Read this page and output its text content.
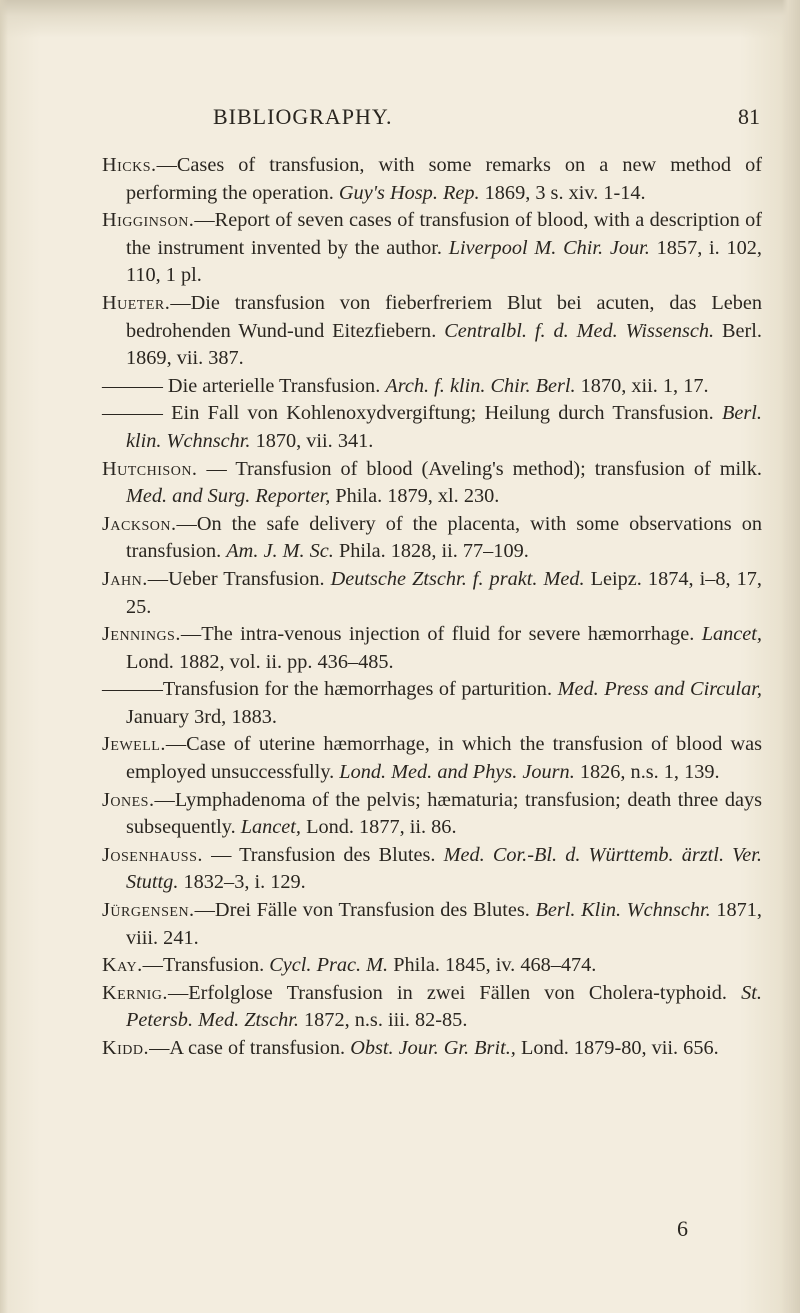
BIBLIOGRAPHY.	81

Hicks.—Cases of transfusion, with some remarks on a new method of performing the operation. Guy's Hosp. Rep. 1869, 3 s. xiv. 1-14.

Higginson.—Report of seven cases of transfusion of blood, with a description of the instrument invented by the author. Liverpool M. Chir. Jour. 1857, i. 102, 110, 1 pl.

Hueter.—Die transfusion von fieberfreriem Blut bei acuten, das Leben bedrohenden Wund-und Eitezfiebern. Centralbl. f. d. Med. Wissensch. Berl. 1869, vii. 387.

——— Die arterielle Transfusion. Arch. f. klin. Chir. Berl. 1870, xii. 1, 17.

——— Ein Fall von Kohlenoxydvergiftung; Heilung durch Transfusion. Berl. klin. Wchnschr. 1870, vii. 341.

Hutchison. — Transfusion of blood (Aveling's method); transfusion of milk. Med. and Surg. Reporter, Phila. 1879, xl. 230.

Jackson.—On the safe delivery of the placenta, with some observations on transfusion. Am. J. M. Sc. Phila. 1828, ii. 77–109.

Jahn.—Ueber Transfusion. Deutsche Ztschr. f. prakt. Med. Leipz. 1874, i–8, 17, 25.

Jennings.—The intra-venous injection of fluid for severe hæmorrhage. Lancet, Lond. 1882, vol. ii. pp. 436–485.

———Transfusion for the hæmorrhages of parturition. Med. Press and Circular, January 3rd, 1883.

Jewell.—Case of uterine hæmorrhage, in which the transfusion of blood was employed unsuccessfully. Lond. Med. and Phys. Journ. 1826, n.s. 1, 139.

Jones.—Lymphadenoma of the pelvis; hæmaturia; transfusion; death three days subsequently. Lancet, Lond. 1877, ii. 86.

Josenhauss. — Transfusion des Blutes. Med. Cor.-Bl. d. Württemb. ärztl. Ver. Stuttg. 1832–3, i. 129.

Jürgensen.—Drei Fälle von Transfusion des Blutes. Berl. Klin. Wchnschr. 1871, viii. 241.

Kay.—Transfusion. Cycl. Prac. M. Phila. 1845, iv. 468–474.

Kernig.—Erfolglose Transfusion in zwei Fällen von Cholera-typhoid. St. Petersb. Med. Ztschr. 1872, n.s. iii. 82-85.

Kidd.—A case of transfusion. Obst. Jour. Gr. Brit., Lond. 1879-80, vii. 656.

6
